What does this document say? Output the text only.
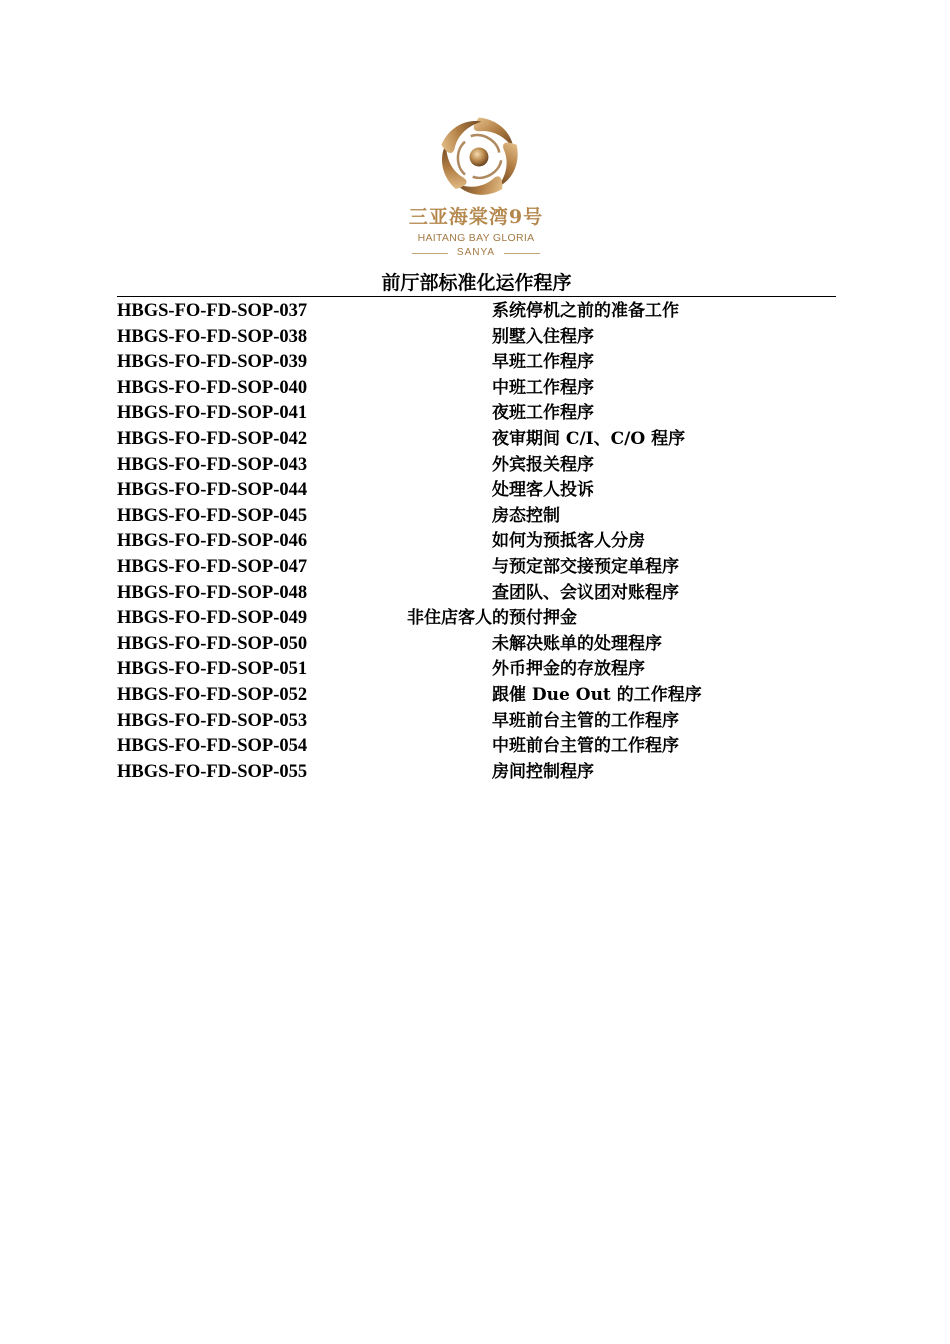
三亚海棠湾9号
HAITANG BAY GLORIA
SANYA
前厅部标准化运作程序
HBGS-FO-FD-SOP-037	系统停机之前的准备工作
HBGS-FO-FD-SOP-038	别墅入住程序
HBGS-FO-FD-SOP-039	早班工作程序
HBGS-FO-FD-SOP-040	中班工作程序
HBGS-FO-FD-SOP-041	夜班工作程序
HBGS-FO-FD-SOP-042	夜审期间 C/I、C/O 程序
HBGS-FO-FD-SOP-043	外宾报关程序
HBGS-FO-FD-SOP-044	处理客人投诉
HBGS-FO-FD-SOP-045	房态控制
HBGS-FO-FD-SOP-046	如何为预抵客人分房
HBGS-FO-FD-SOP-047	与预定部交接预定单程序
HBGS-FO-FD-SOP-048	查团队、会议团对账程序
HBGS-FO-FD-SOP-049	非住店客人的预付押金
HBGS-FO-FD-SOP-050	未解决账单的处理程序
HBGS-FO-FD-SOP-051	外币押金的存放程序
HBGS-FO-FD-SOP-052	跟催 Due Out 的工作程序
HBGS-FO-FD-SOP-053	早班前台主管的工作程序
HBGS-FO-FD-SOP-054	中班前台主管的工作程序
HBGS-FO-FD-SOP-055	房间控制程序
